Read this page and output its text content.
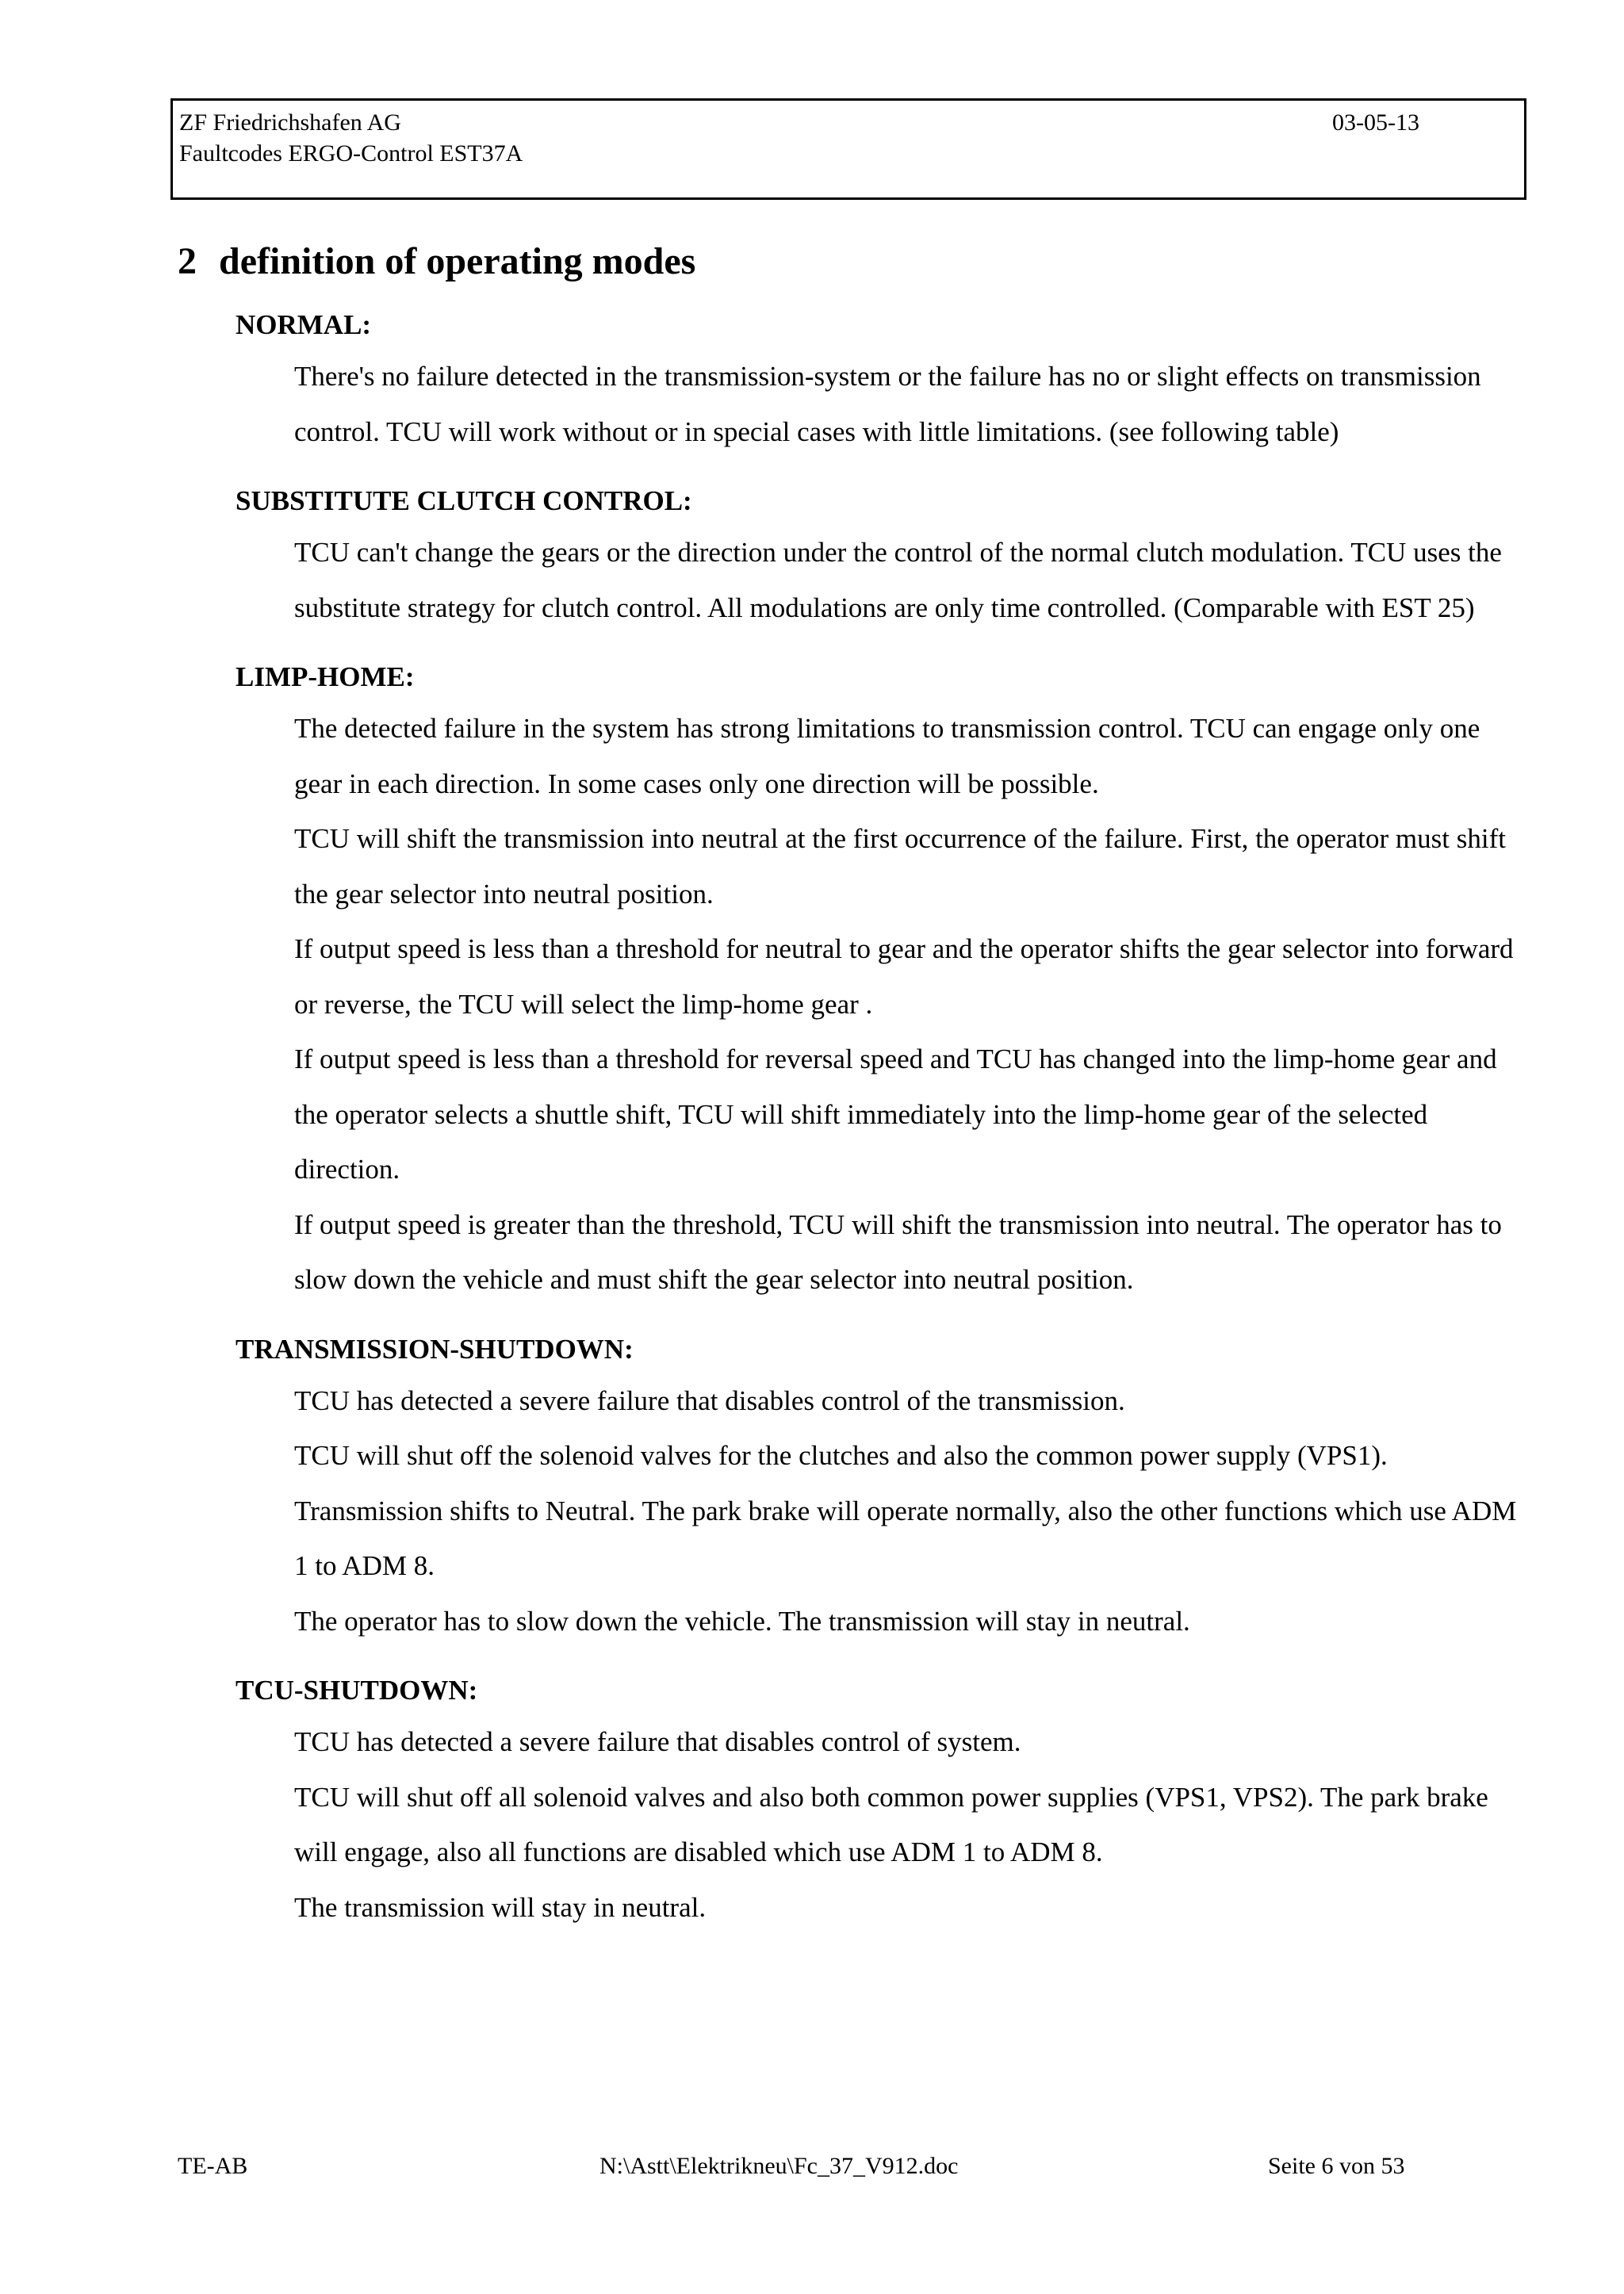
ZF Friedrichshafen AG
Faultcodes ERGO-Control EST37A
03-05-13
2 definition of operating modes
NORMAL:

There's no failure detected in the transmission-system or the failure has no or slight effects on transmission control. TCU will work without or in special cases with little limitations. (see following table)

SUBSTITUTE CLUTCH CONTROL:

TCU can't change the gears or the direction under the control of the normal clutch modulation. TCU uses the substitute strategy for clutch control. All modulations are only time controlled. (Comparable with EST 25)

LIMP-HOME:

The detected failure in the system has strong limitations to transmission control. TCU can engage only one gear in each direction. In some cases only one direction will be possible.

TCU will shift the transmission into neutral at the first occurrence of the failure. First, the operator must shift the gear selector into neutral position.

If output speed is less than a threshold for neutral to gear and the operator shifts the gear selector into forward or reverse, the TCU will select the limp-home gear .

If output speed is less than a threshold for reversal speed and TCU has changed into the limp-home gear and the operator selects a shuttle shift, TCU will shift immediately into the limp-home gear of the selected direction.

If output speed is greater than the threshold, TCU will shift the transmission into neutral. The operator has to slow down the vehicle and must shift the gear selector into neutral position.

TRANSMISSION-SHUTDOWN:

TCU has detected a severe failure that disables control of the transmission.

TCU will shut off the solenoid valves for the clutches and also the common power supply (VPS1).

Transmission shifts to Neutral. The park brake will operate normally, also the other functions which use ADM 1 to ADM 8.

The operator has to slow down the vehicle. The transmission will stay in neutral.

TCU-SHUTDOWN:

TCU has detected a severe failure that disables control of system.

TCU will shut off all solenoid valves and also both common power supplies (VPS1, VPS2). The park brake will engage, also all functions are disabled which use ADM 1 to ADM 8.

The transmission will stay in neutral.

TE-AB	N:\Astt\Elektrikneu\Fc_37_V912.doc	Seite 6 von 53
